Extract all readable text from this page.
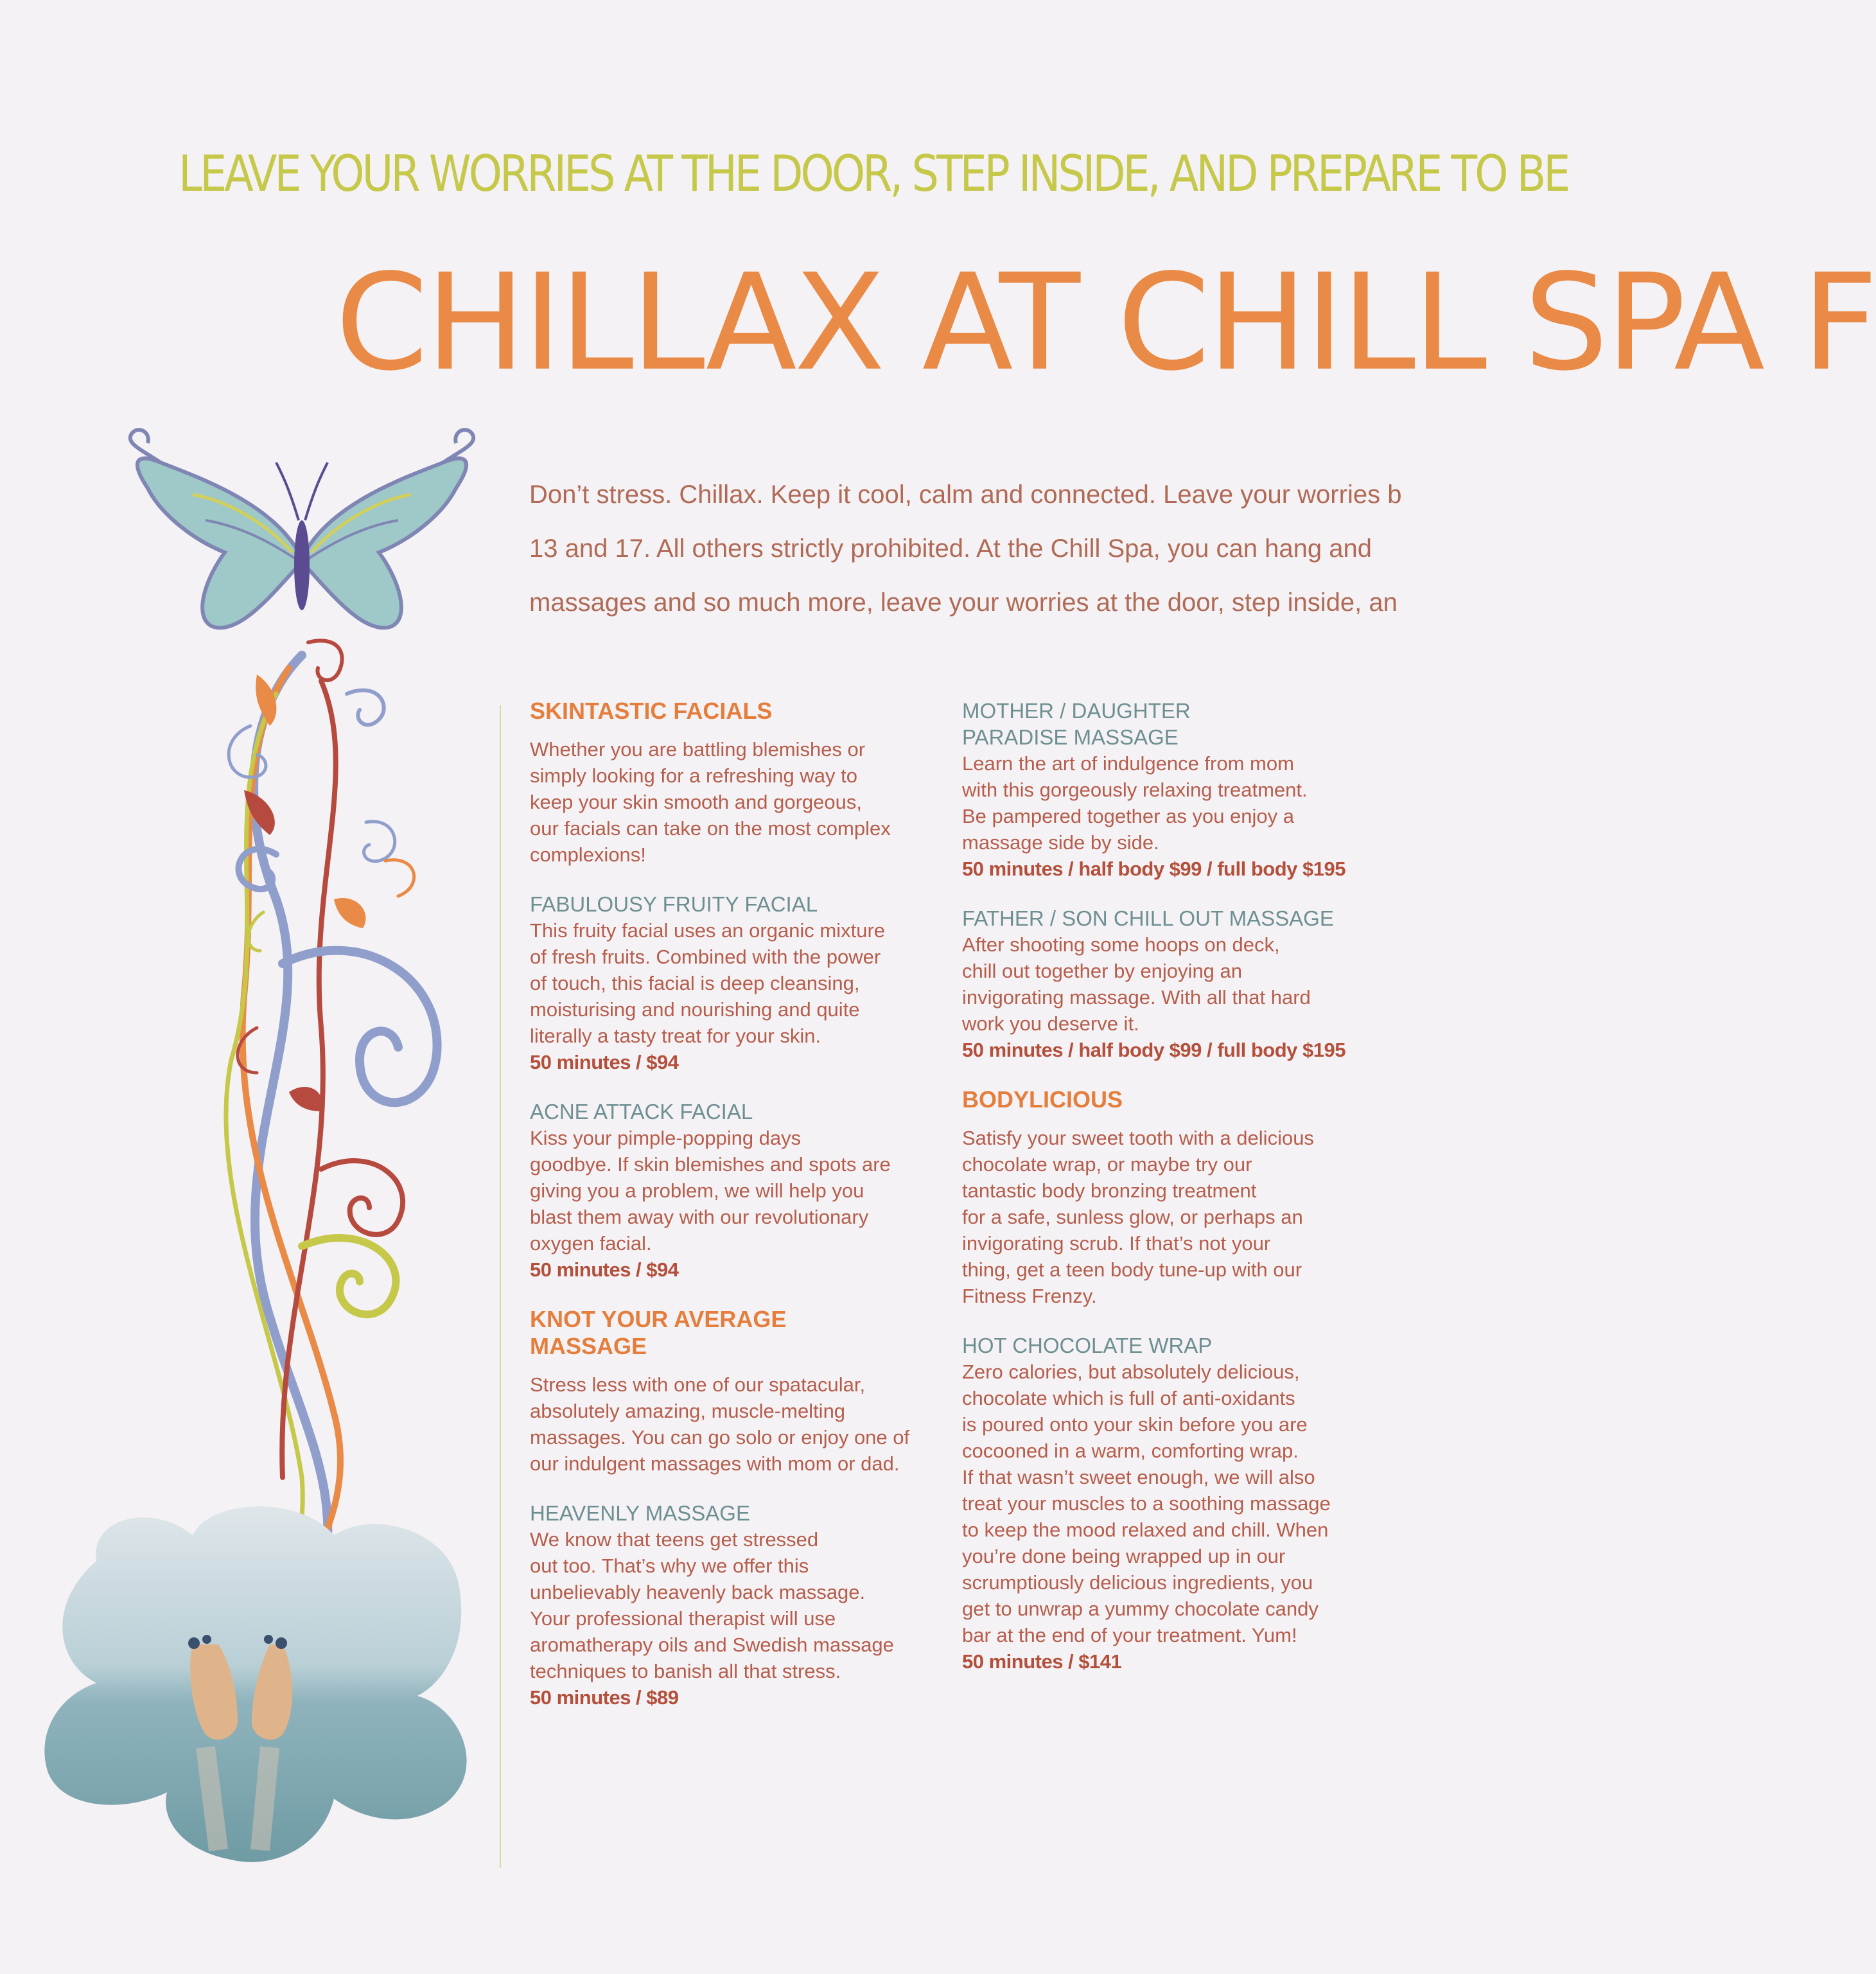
LEAVE YOUR WORRIES AT THE DOOR, STEP INSIDE, AND PREPARE TO BE
CHILLAX AT CHILL SPA F
Don’t stress. Chillax. Keep it cool, calm and connected. Leave your worries b
13 and 17. All others strictly prohibited. At the Chill Spa, you can hang and
massages and so much more, leave your worries at the door, step inside, an
SKINTASTIC FACIALS
Whether you are battling blemishes or
simply looking for a refreshing way to
keep your skin smooth and gorgeous,
our facials can take on the most complex
complexions!
FABULOUSY FRUITY FACIAL
This fruity facial uses an organic mixture
of fresh fruits. Combined with the power
of touch, this facial is deep cleansing,
moisturising and nourishing and quite
literally a tasty treat for your skin.
50 minutes / $94
ACNE ATTACK FACIAL
Kiss your pimple-popping days
goodbye. If skin blemishes and spots are
giving you a problem, we will help you
blast them away with our revolutionary
oxygen facial.
50 minutes / $94
KNOT YOUR AVERAGE
MASSAGE
Stress less with one of our spatacular,
absolutely amazing, muscle-melting
massages. You can go solo or enjoy one of
our indulgent massages with mom or dad.
HEAVENLY MASSAGE
We know that teens get stressed
out too. That’s why we offer this
unbelievably heavenly back massage.
Your professional therapist will use
aromatherapy oils and Swedish massage
techniques to banish all that stress.
50 minutes / $89
MOTHER / DAUGHTER
PARADISE MASSAGE
Learn the art of indulgence from mom
with this gorgeously relaxing treatment.
Be pampered together as you enjoy a
massage side by side.
50 minutes / half body $99 / full body $195
FATHER / SON CHILL OUT MASSAGE
After shooting some hoops on deck,
chill out together by enjoying an
invigorating massage. With all that hard
work you deserve it.
50 minutes / half body $99 / full body $195
BODYLICIOUS
Satisfy your sweet tooth with a delicious
chocolate wrap, or maybe try our
tantastic body bronzing treatment
for a safe, sunless glow, or perhaps an
invigorating scrub. If that’s not your
thing, get a teen body tune-up with our
Fitness Frenzy.
HOT CHOCOLATE WRAP
Zero calories, but absolutely delicious,
chocolate which is full of anti-oxidants
is poured onto your skin before you are
cocooned in a warm, comforting wrap.
If that wasn’t sweet enough, we will also
treat your muscles to a soothing massage
to keep the mood relaxed and chill. When
you’re done being wrapped up in our
scrumptiously delicious ingredients, you
get to unwrap a yummy chocolate candy
bar at the end of your treatment. Yum!
50 minutes / $141
